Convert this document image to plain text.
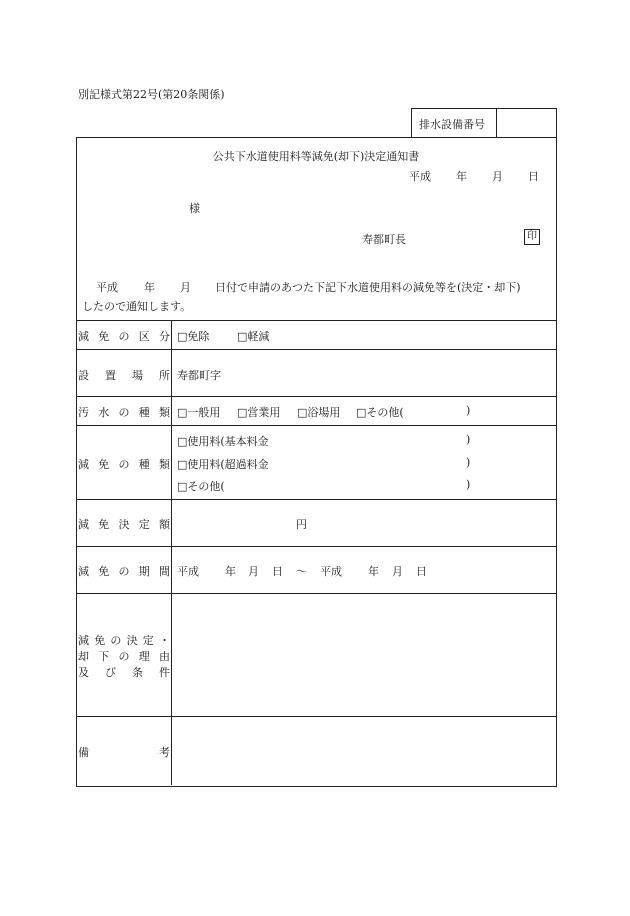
別記様式第22号(第20条関係)
排水設備番号
公共下水道使用料等減免(却下)決定通知書
平成 年 月 日
様
寿都町長	印
平成 年 月 日付で申請のあつた下記下水道使用料の減免等を(決定・却下)
したので通知します。
減 免 の 区 分 □免除	□軽減
設 置 場 所 寿都町字
汚 水 の 種 類 □一般用 □営業用 □浴場用 □その他(	)
減 免 の 種 類
□使用料(基本料金	)
□使用料(超過料金	)
□その他(	)
減 免 決 定 額	円
減 免 の 期 間 平成 年 月 日 〜 平成 年 月 日
減 免 の 決 定 ・
却 下 の 理 由
及 び 条 件
備	考
